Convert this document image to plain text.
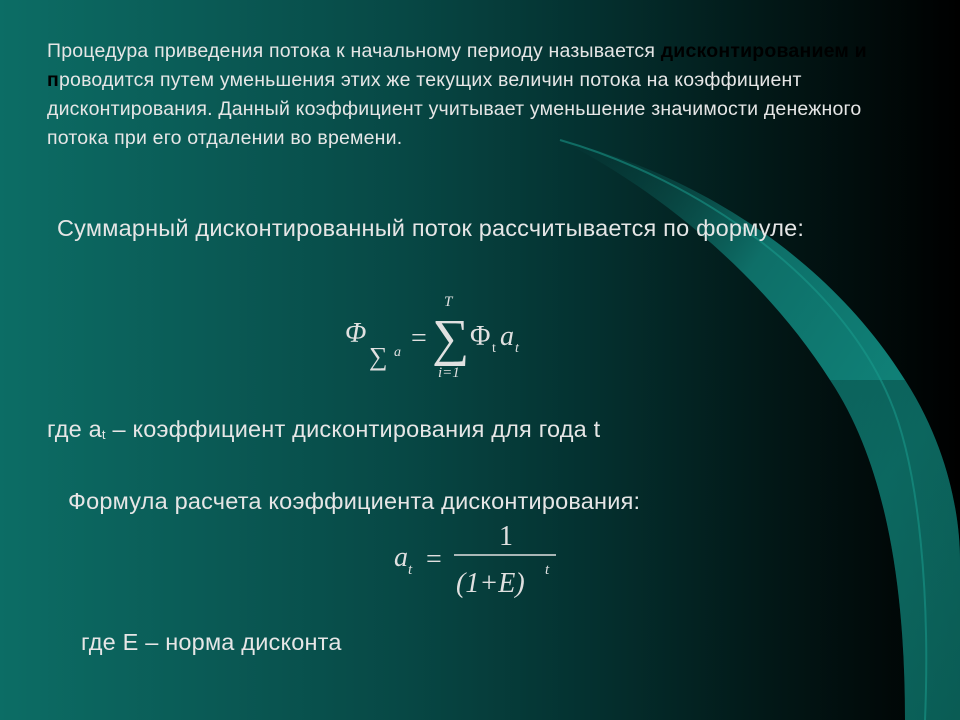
Процедура приведения потока к начальному периоду называется дисконтированием и проводится путем уменьшения этих же текущих величин потока на коэффициент дисконтирования. Данный коэффициент учитывает уменьшение значимости денежного потока при его отдалении во времени.

Суммарный дисконтированный поток рассчитывается по формуле:

Φ
∑ a =
T
∑
i=1
Φ t a t

где аt – коэффициент дисконтирования для года t

Формула расчета коэффициента дисконтирования:

a t =
1
(1+E) t

где Е – норма дисконта
